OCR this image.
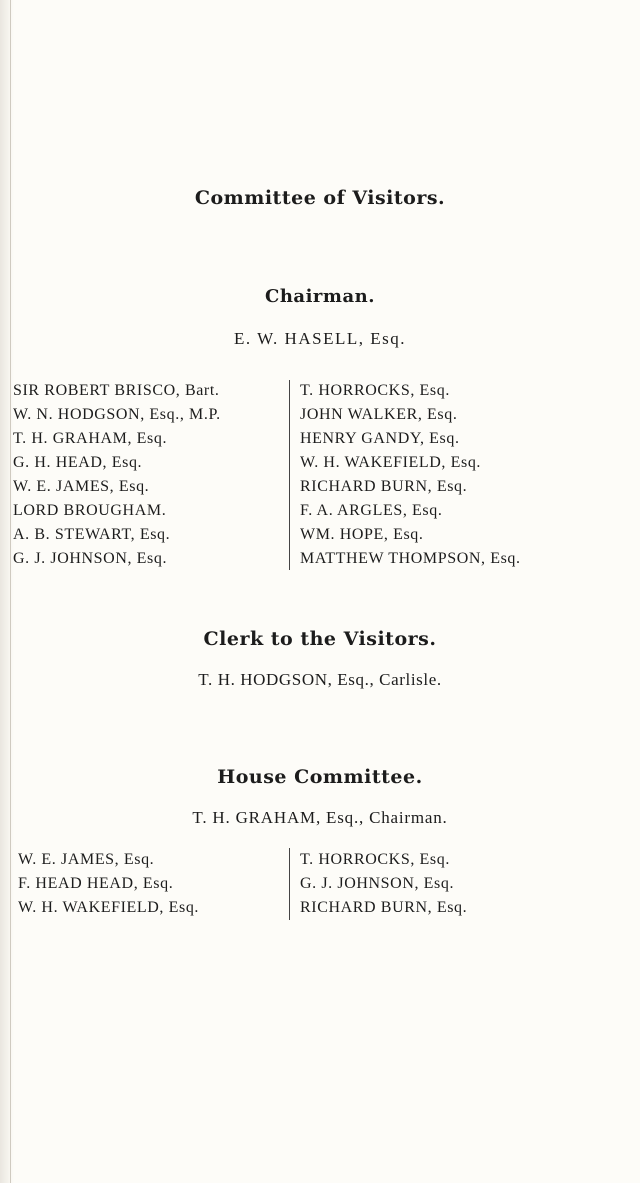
Committee of Visitors.
Chairman.
E. W. HASELL, Esq.
SIR ROBERT BRISCO, Bart.
W. N. HODGSON, Esq., M.P.
T. H. GRAHAM, Esq.
G. H. HEAD, Esq.
W. E. JAMES, Esq.
LORD BROUGHAM.
A. B. STEWART, Esq.
G. J. JOHNSON, Esq.
T. HORROCKS, Esq.
JOHN WALKER, Esq.
HENRY GANDY, Esq.
W. H. WAKEFIELD, Esq.
RICHARD BURN, Esq.
F. A. ARGLES, Esq.
WM. HOPE, Esq.
MATTHEW THOMPSON, Esq.
Clerk to the Visitors.
T. H. HODGSON, Esq., Carlisle.
House Committee.
T. H. GRAHAM, Esq., Chairman.
W. E. JAMES, Esq.
F. HEAD HEAD, Esq.
W. H. WAKEFIELD, Esq.
T. HORROCKS, Esq.
G. J. JOHNSON, Esq.
RICHARD BURN, Esq.
